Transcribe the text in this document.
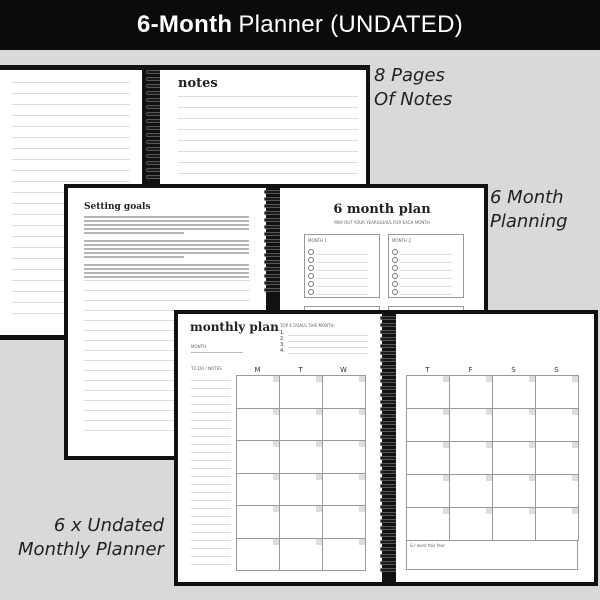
6-Month Planner (UNDATED)
notes	8 Pages
Of Notes
6 Month
Planning
Setting goals	6 month plan
MAP OUT YOUR YEAR/GOALS FOR EACH MONTH
MONTH 1	MONTH 2
monthly plan TOP 4 GOALS THIS MONTH:
1.
2.
3.
4.
MONTH
TO DO / NOTES	M	T	W	T	F	S	S
& I want this Year
6 x Undated
Monthly Planner
